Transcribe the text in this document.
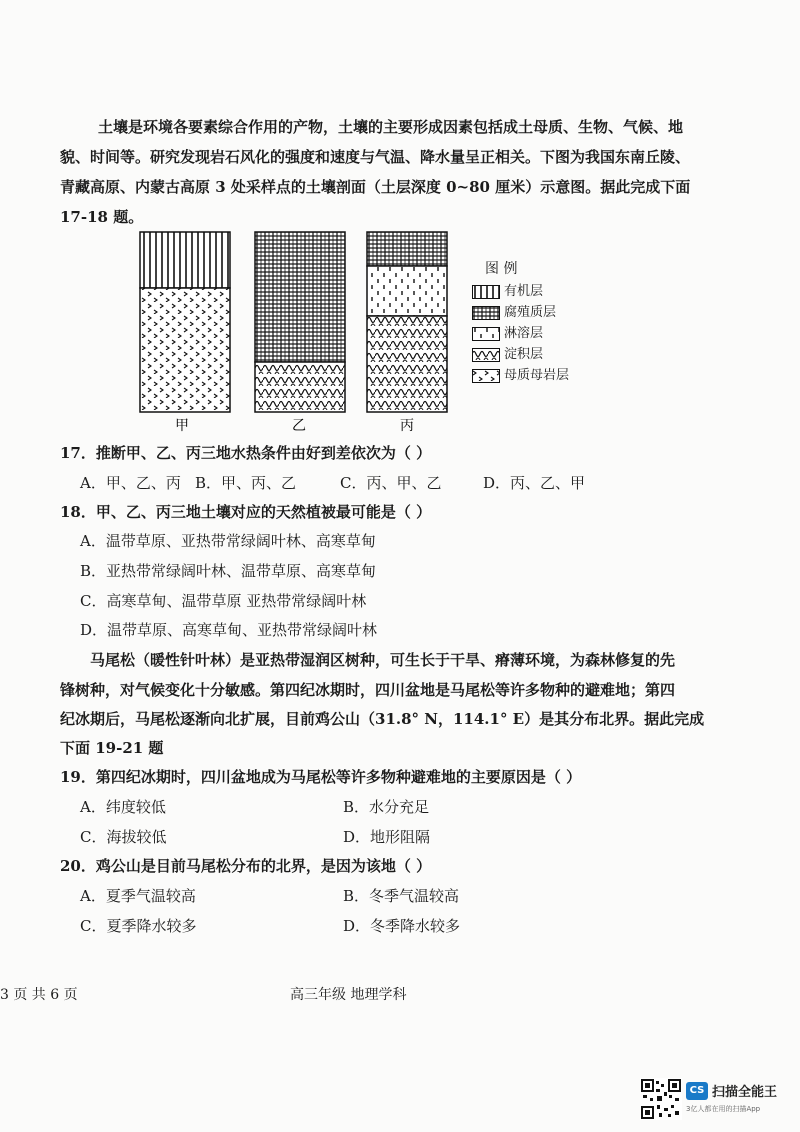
土壤是环境各要素综合作用的产物，土壤的主要形成因素包括成土母质、生物、气候、地
貌、时间等。研究发现岩石风化的强度和速度与气温、降水量呈正相关。下图为我国东南丘陵、
青藏高原、内蒙古高原 3 处采样点的土壤剖面（土层深度 0~80 厘米）示意图。据此完成下面
17-18 题。
甲	乙	丙
图 例
有机层
腐殖质层
淋溶层
淀积层
母质母岩层
17．推断甲、乙、丙三地水热条件由好到差依次为（ ）
A．甲、乙、丙 B．甲、丙、乙	C．丙、甲、乙	D．丙、乙、甲
18．甲、乙、丙三地土壤对应的天然植被最可能是（ ）
A．温带草原、亚热带常绿阔叶林、高寒草甸
B．亚热带常绿阔叶林、温带草原、高寒草甸
C．高寒草甸、温带草原 亚热带常绿阔叶林
D．温带草原、高寒草甸、亚热带常绿阔叶林
马尾松（暖性针叶林）是亚热带湿润区树种，可生长于干旱、瘠薄环境，为森林修复的先
锋树种，对气候变化十分敏感。第四纪冰期时，四川盆地是马尾松等许多物种的避难地；第四
纪冰期后，马尾松逐渐向北扩展，目前鸡公山（31.8° N，114.1° E）是其分布北界。据此完成
下面 19-21 题
19．第四纪冰期时，四川盆地成为马尾松等许多物种避难地的主要原因是（ ）
A．纬度较低	B．水分充足
C．海拔较低	D．地形阻隔
20．鸡公山是目前马尾松分布的北界，是因为该地（ ）
A．夏季气温较高	B．冬季气温较高
C．夏季降水较多	D．冬季降水较多
3 页 共 6 页	高三年级 地理学科
CS 扫描全能王
3亿人都在用的扫描App
